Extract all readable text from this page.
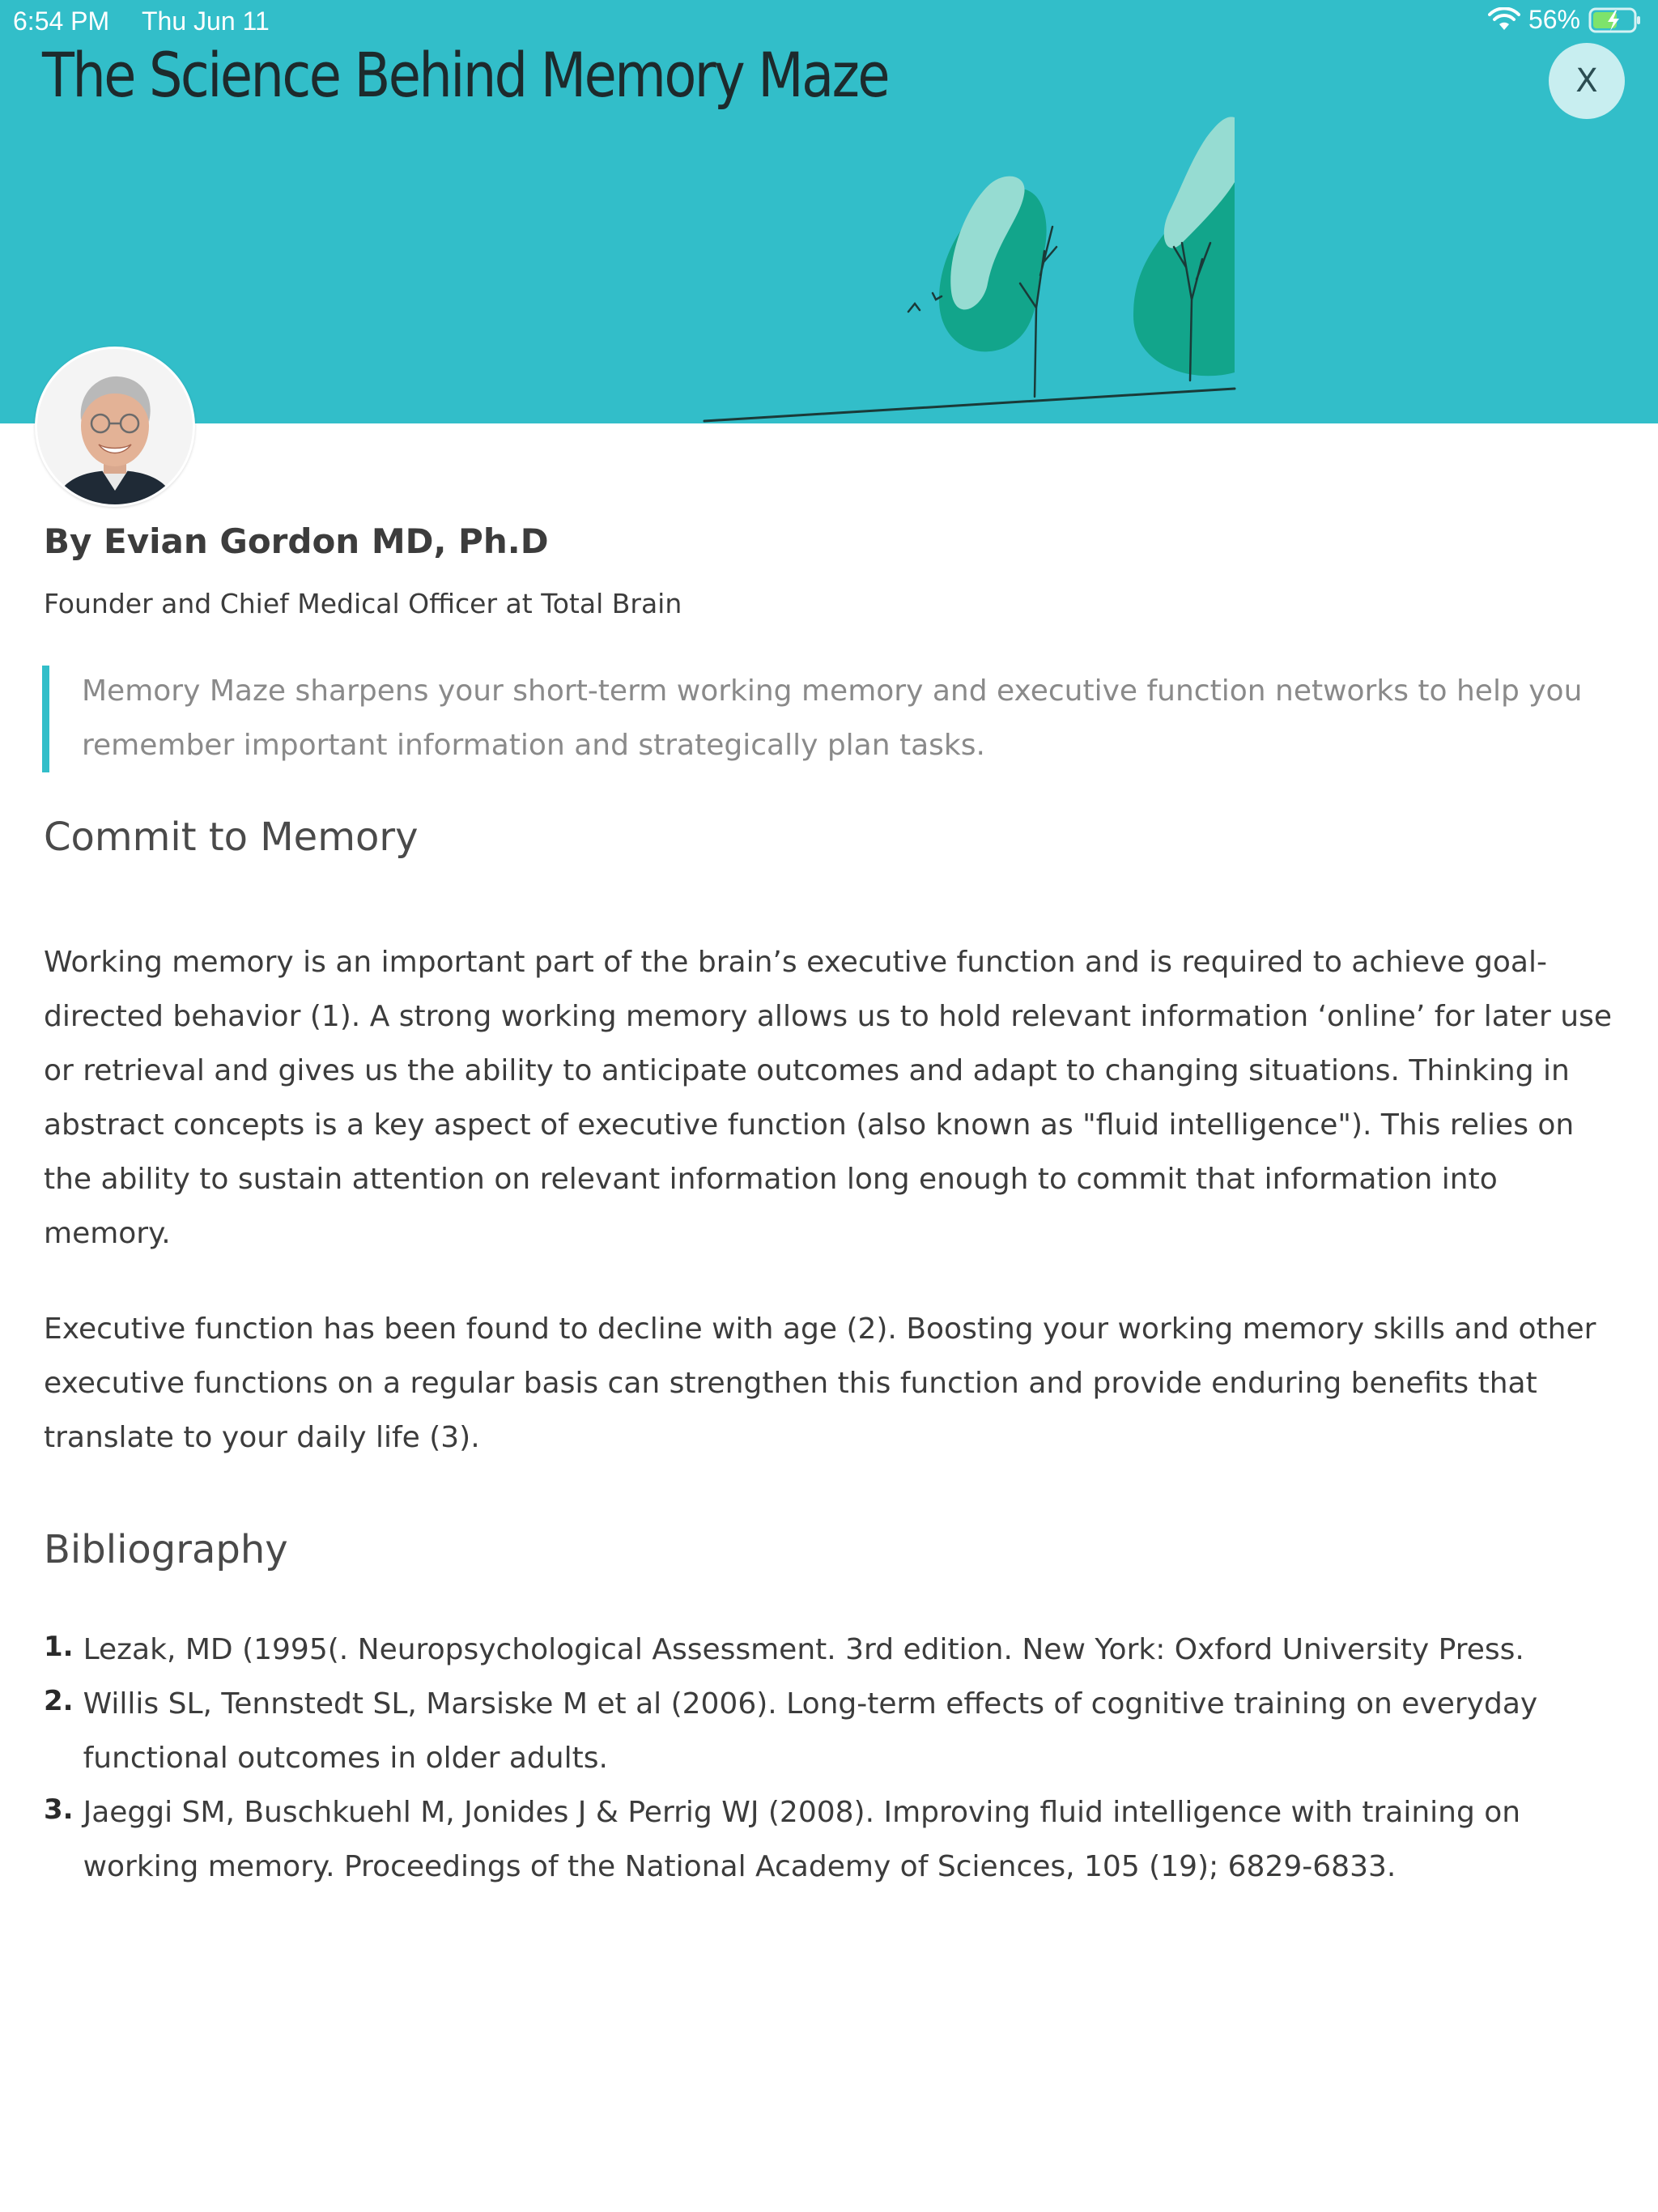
6:54 PM Thu Jun 11	56%
The Science Behind Memory Maze	X
By Evian Gordon MD, Ph.D
Founder and Chief Medical Officer at Total Brain
Memory Maze sharpens your short-term working memory and executive function networks to help you remember important information and strategically plan tasks.
Commit to Memory

Working memory is an important part of the brain’s executive function and is required to achieve goal-directed behavior (1). A strong working memory allows us to hold relevant information ‘online’ for later use or retrieval and gives us the ability to anticipate outcomes and adapt to changing situations. Thinking in abstract concepts is a key aspect of executive function (also known as "fluid intelligence"). This relies on the ability to sustain attention on relevant information long enough to commit that information into memory.

Executive function has been found to decline with age (2). Boosting your working memory skills and other executive functions on a regular basis can strengthen this function and provide enduring benefits that translate to your daily life (3).

Bibliography
1. Lezak, MD (1995(. Neuropsychological Assessment. 3rd edition. New York: Oxford University Press.
2. Willis SL, Tennstedt SL, Marsiske M et al (2006). Long-term effects of cognitive training on everyday functional outcomes in older adults.
3. Jaeggi SM, Buschkuehl M, Jonides J & Perrig WJ (2008). Improving fluid intelligence with training on working memory. Proceedings of the National Academy of Sciences, 105 (19); 6829-6833.
